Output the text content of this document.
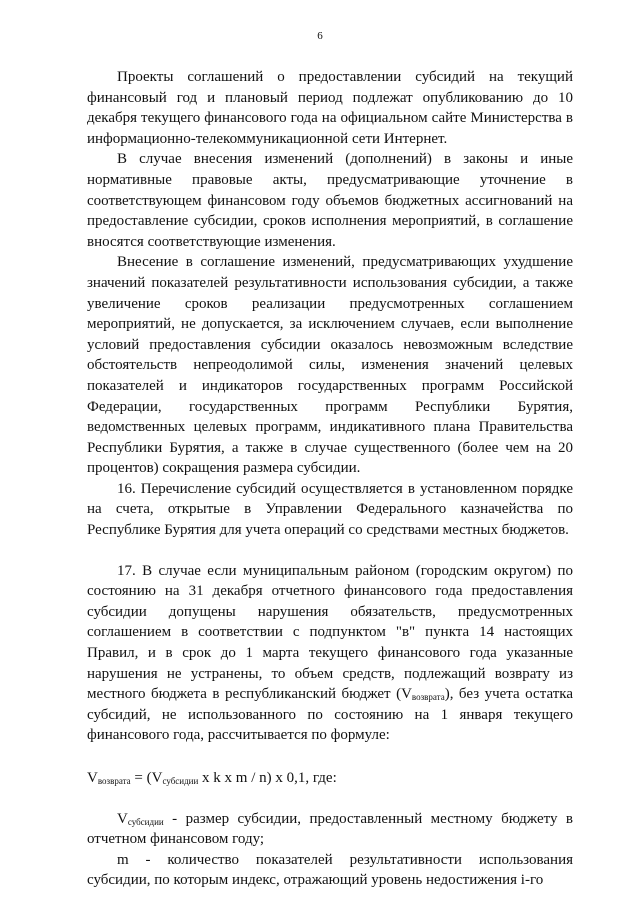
6

Проекты соглашений о предоставлении субсидий на текущий финансовый год и плановый период подлежат опубликованию до 10 декабря текущего финансового года на официальном сайте Министерства в информационно-телекоммуникационной сети Интернет.

В случае внесения изменений (дополнений) в законы и иные нормативные правовые акты, предусматривающие уточнение в соответствующем финансовом году объемов бюджетных ассигнований на предоставление субсидии, сроков исполнения мероприятий, в соглашение вносятся соответствующие изменения.

Внесение в соглашение изменений, предусматривающих ухудшение значений показателей результативности использования субсидии, а также увеличение сроков реализации предусмотренных соглашением мероприятий, не допускается, за исключением случаев, если выполнение условий предоставления субсидии оказалось невозможным вследствие обстоятельств непреодолимой силы, изменения значений целевых показателей и индикаторов государственных программ Российской Федерации, государственных программ Республики Бурятия, ведомственных целевых программ, индикативного плана Правительства Республики Бурятия, а также в случае существенного (более чем на 20 процентов) сокращения размера субсидии.

16. Перечисление субсидий осуществляется в установленном порядке на счета, открытые в Управлении Федерального казначейства по Республике Бурятия для учета операций со средствами местных бюджетов.

17. В случае если муниципальным районом (городским округом) по состоянию на 31 декабря отчетного финансового года предоставления субсидии допущены нарушения обязательств, предусмотренных соглашением в соответствии с подпунктом "в" пункта 14 настоящих Правил, и в срок до 1 марта текущего финансового года указанные нарушения не устранены, то объем средств, подлежащий возврату из местного бюджета в республиканский бюджет $(V_{возврата})$, без учета остатка субсидий, не использованного по состоянию на 1 января текущего финансового года, рассчитывается по формуле:

$V_{возврата} = (V_{субсидии}$ x k x m / n) x 0,1, где:

$V_{субсидии}$ - размер субсидии, предоставленный местному бюджету в отчетном финансовом году;

m - количество показателей результативности использования субсидии, по которым индекс, отражающий уровень недостижения i-го
